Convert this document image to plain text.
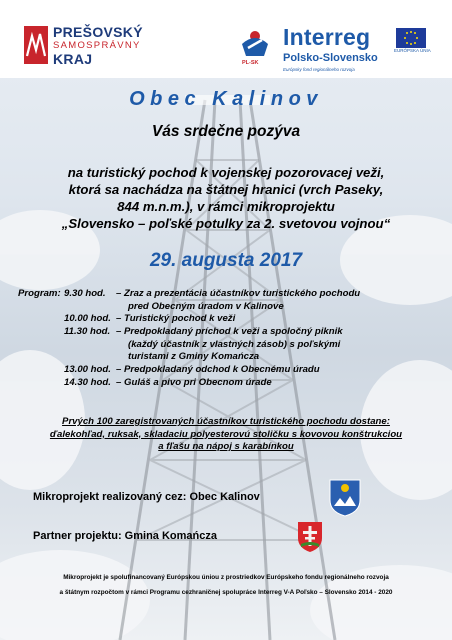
PREŠOVSKÝ
SAMOSPRÁVNY
KRAJ	PL-SK
Interreg
Polsko-Slovensko
Európsky fond regionálneho rozvoja
EURÓPSKA ÚNIA
Obec Kalinov
Vás srdečne pozýva
na turistický pochod k vojenskej pozorovacej veži,
ktorá sa nachádza na štátnej hranici (vrch Paseky,
844 m.n.m.), v rámci mikroprojektu
„Slovensko – poľské potulky za 2. svetovou vojnou“
29. augusta 2017
Program: 9.30 hod. – Zraz a prezentácia účastníkov turistického pochodu
pred Obecným úradom v Kalinove
10.00 hod. – Turistický pochod k veži
11.30 hod. – Predpokladaný príchod k veži a spoločný piknik
(každý účastník z vlastných zásob) s poľskými
turistami z Gminy Komańcza
13.00 hod. – Predpokladaný odchod k Obecnému úradu
14.30 hod. – Guláš a pivo pri Obecnom úrade
Prvých 100 zaregistrovaných účastníkov turistického pochodu dostane:
ďalekohľad, ruksak, skladaciu polyesterovú stoličku s kovovou konštrukciou
a fľašu na nápoj s karabínkou
Mikroprojekt realizovaný cez: Obec Kalinov
Partner projektu: Gmina Komańcza
Mikroprojekt je spolufinancovaný Európskou úniou z prostriedkov Európskeho fondu regionálneho rozvoja
a štátnym rozpočtom v rámci Programu cezhraničnej spolupráce Interreg V-A Poľsko – Slovensko 2014 - 2020
